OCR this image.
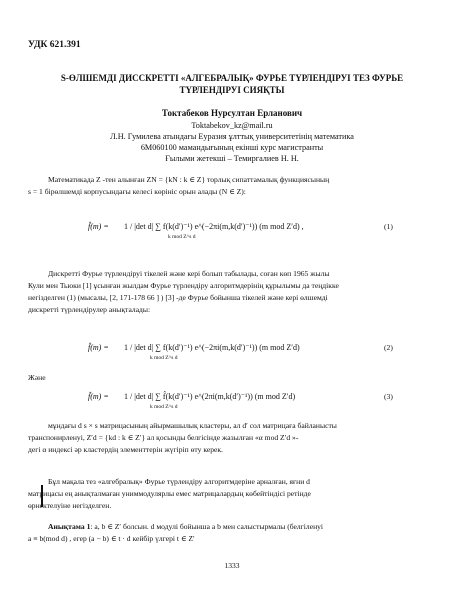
УДК 621.391
S-ӨЛШЕМДІ ДИССКРЕТТІ «АЛГЕБРАЛЫҚ» ФУРЬЕ ТҮРЛЕНДІРУІ ТЕЗ ФУРЬЕ
ТҮРЛЕНДІРУІ СИЯҚТЫ
Токтабеков Нурсултан Ерланович
Toktabekov_kz@mail.ru
Л.Н. Гумилева атындағы Еуразия ұлттық университетінің математика
6M060100 мамандығының екінші курс магистранты
Ғылыми жетекші – Темиргалиев Н. Н.
Математикада Z -тен алынған ZN = {kN : k ∈ Z} торлық сипаттамалық функциясының
s = 1 бірөлшемді корпусындағы келесі көрініс орын алады (N ∈ Z):
f̂(m) = 1 / |det d| ∑ f(k(d′)⁻¹) e^(−2πi(m,k(d′)⁻¹)) (m mod Z′d) ,
k mod Z^s d
(1)
Дискретті Фурье түрлендіруі тікелей және кері болып табылады, соған көп 1965 жылы
Кули мен Тьюки [1] ұсынған жылдам Фурье түрлендіру алгоритмдерінің құрылымы да теңдікке
негізделген (1) (мысалы, [2, 171-178 66 ] ) [3] -де Фурье бойынша тікелей және кері өлшемді
дискретті түрлендірулер анықталады:
f̂(m) = 1 / |det d| ∑ f(k(d′)⁻¹) e^(−2πi(m,k(d′)⁻¹)) (m mod Z′d)
k mod Z^s d
(2)
Және
f̌(m) = 1 / |det d| ∑ f̂(k(d′)⁻¹) e^(2πi(m,k(d′)⁻¹)) (m mod Z′d)
k mod Z^s d
(3)
мұндағы d s × s матрицасының айырмашылық кластеры, ал d′ сол матрицаға байланысты
транспонирленуі, Z′d = {kd : k ∈ Z′} ал қосынды белгісінде жазылған «α mod Z′d »-
дегі α индексі әр кластердің элементтерін жүгіріп өту керек.
Бұл мақала тез «алгебралық» Фурье түрлендіру алгоритмдеріне арналған, яғни d
матрицасы ең анықталмаған униммодулярлы емес матрицалардың көбейтіндісі ретінде
өрнектелуіне негізделген.
Анықтама 1: a, b ∈ Z′ болсын. d модулі бойынша a b мен салыстырмалы (белгіленуі
a ≡ b(mod d) , егер (a − b) ∈ t · d кейбір үлгері t ∈ Z′
1333
